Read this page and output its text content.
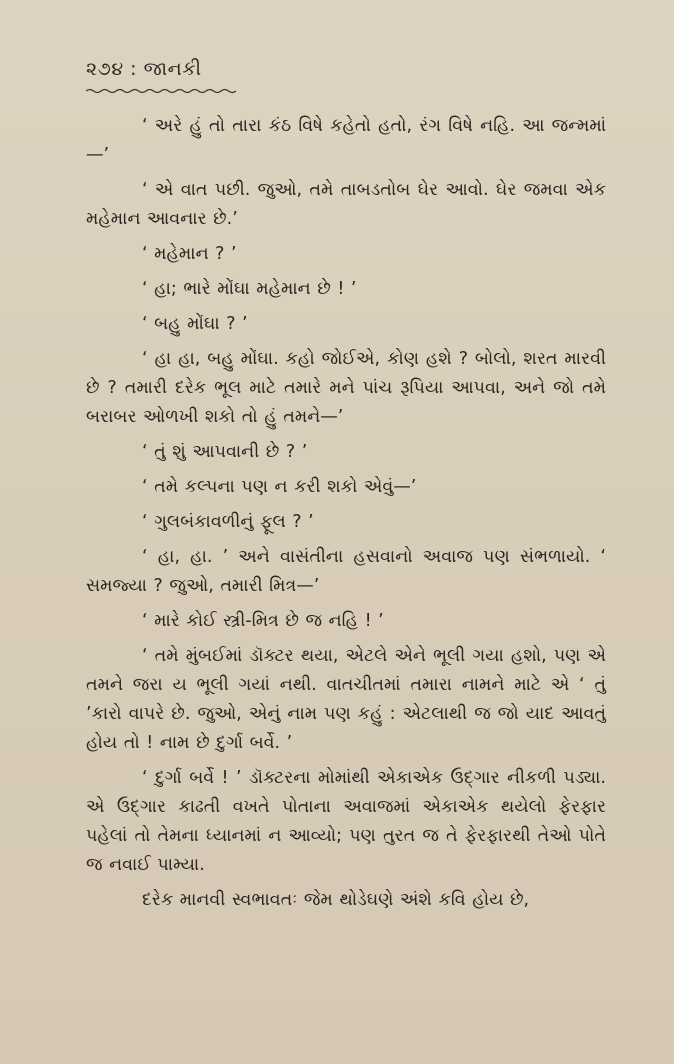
૨૭૪ : જાનકી

‘ અરે હું તો તારા કંઠ વિષે કહેતો હતો, રંગ વિષે નહિ. આ જન્મમાં—’

‘ એ વાત પછી. જુઓ, તમે તાબડતોબ ઘેર આવો. ઘેર જમવા એક મહેમાન આવનાર છે.’

‘ મહેમાન ? ’

‘ હા; ભારે મોંઘા મહેમાન છે ! ’

‘ બહુ મોંઘા ? ’

‘ હા હા, બહુ મોંઘા. કહો જોઈએ, કોણ હશે ? બોલો, શરત મારવી છે ? તમારી દરેક ભૂલ માટે તમારે મને પાંચ રૂપિયા આપવા, અને જો તમે બરાબર ઓળખી શકો તો હું તમને—’

‘ તું શું આપવાની છે ? ’

‘ તમે કલ્પના પણ ન કરી શકો એવું—’

‘ ગુલબંકાવળીનું ફૂલ ? ’

‘ હા, હા. ’ અને વાસંતીના હસવાનો અવાજ પણ સંભળાયો. ‘ સમજ્યા ? જુઓ, તમારી મિત્ર—’

‘ મારે કોઈ સ્ત્રી-મિત્ર છે જ નહિ ! ’

‘ તમે મુંબઈમાં ડૉક્ટર થયા, એટલે એને ભૂલી ગયા હશો, પણ એ તમને જરા ય ભૂલી ગયાં નથી. વાતચીતમાં તમારા નામને માટે એ ‘ તું ’કારો વાપરે છે. જુઓ, એનું નામ પણ કહું : એટલાથી જ જો યાદ આવતું હોય તો ! નામ છે દુર્ગા બર્વે. ’

‘ દુર્ગા બર્વે ! ’ ડૉક્ટરના મોમાંથી એકાએક ઉદ્ગાર નીકળી પડ્યા. એ ઉદ્ગાર કાઢતી વખતે પોતાના અવાજમાં એકાએક થયેલો ફેરફાર પહેલાં તો તેમના ધ્યાનમાં ન આવ્યો; પણ તુરત જ તે ફેરફારથી તેઓ પોતે જ નવાઈ પામ્યા.

દરેક માનવી સ્વભાવતઃ જેમ થોડેઘણે અંશે કવિ હોય છે,
